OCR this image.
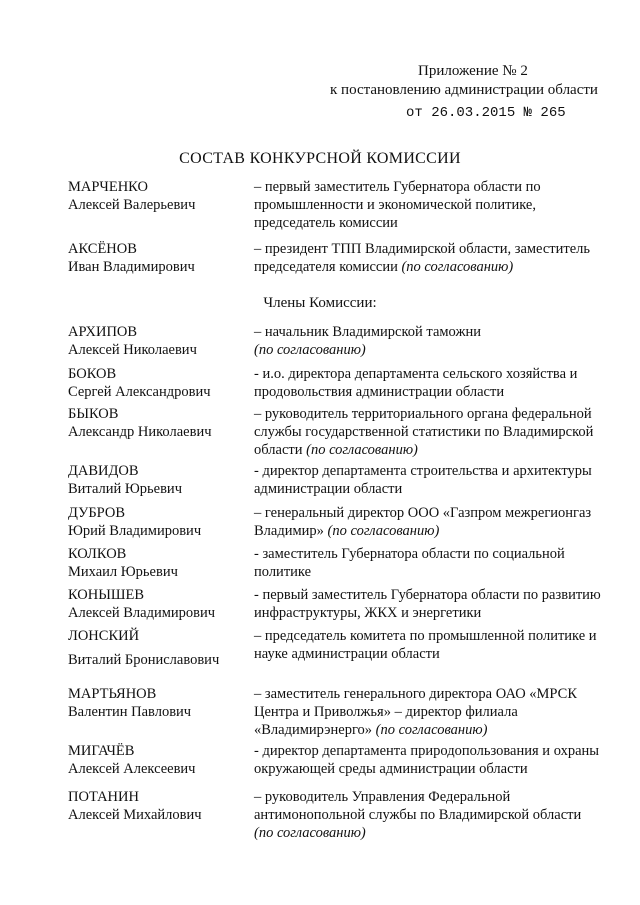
Приложение № 2
к постановлению администрации области
от 26.03.2015 № 265
СОСТАВ КОНКУРСНОЙ КОМИССИИ
МАРЧЕНКО
Алексей Валерьевич
– первый заместитель Губернатора области по промышленности и экономической политике, председатель комиссии
АКСЁНОВ
Иван Владимирович
– президент ТПП Владимирской области, заместитель председателя комиссии (по согласованию)
Члены Комиссии:
АРХИПОВ
Алексей Николаевич
– начальник Владимирской таможни
(по согласованию)
БОКОВ
Сергей Александрович
- и.о. директора департамента сельского хозяйства и продовольствия администрации области
БЫКОВ
Александр Николаевич
– руководитель территориального органа федеральной службы государственной статистики по Владимирской области (по согласованию)
ДАВИДОВ
Виталий Юрьевич
- директор департамента строительства и архитектуры администрации области
ДУБРОВ
Юрий Владимирович
– генеральный директор ООО «Газпром межрегионгаз Владимир» (по согласованию)
КОЛКОВ
Михаил Юрьевич
- заместитель Губернатора области по социальной политике
КОНЫШЕВ
Алексей Владимирович
- первый заместитель Губернатора области по развитию инфраструктуры, ЖКХ и энергетики
ЛОНСКИЙ
Виталий Брониславович
– председатель комитета по промышленной политике и науке администрации области
МАРТЬЯНОВ
Валентин Павлович
– заместитель генерального директора ОАО «МРСК Центра и Приволжья» – директор филиала «Владимирэнерго» (по согласованию)
МИГАЧЁВ
Алексей Алексеевич
- директор департамента природопользования и охраны окружающей среды администрации области
ПОТАНИН
Алексей Михайлович
– руководитель Управления Федеральной антимонопольной службы по Владимирской области
(по согласованию)
